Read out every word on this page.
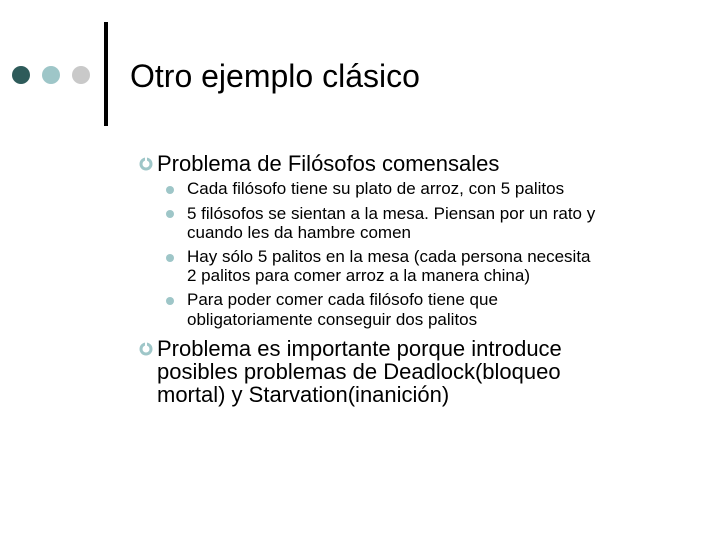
Otro ejemplo clásico
Problema de Filósofos comensales
Cada filósofo tiene su plato de arroz, con 5 palitos
5 filósofos se sientan a la mesa. Piensan por un rato y
cuando les da hambre comen
Hay sólo 5 palitos en la mesa (cada persona necesita
2 palitos para comer arroz a la manera china)
Para poder comer cada filósofo tiene que
obligatoriamente conseguir dos palitos
Problema es importante porque introduce
posibles problemas de Deadlock(bloqueo
mortal) y Starvation(inanición)
